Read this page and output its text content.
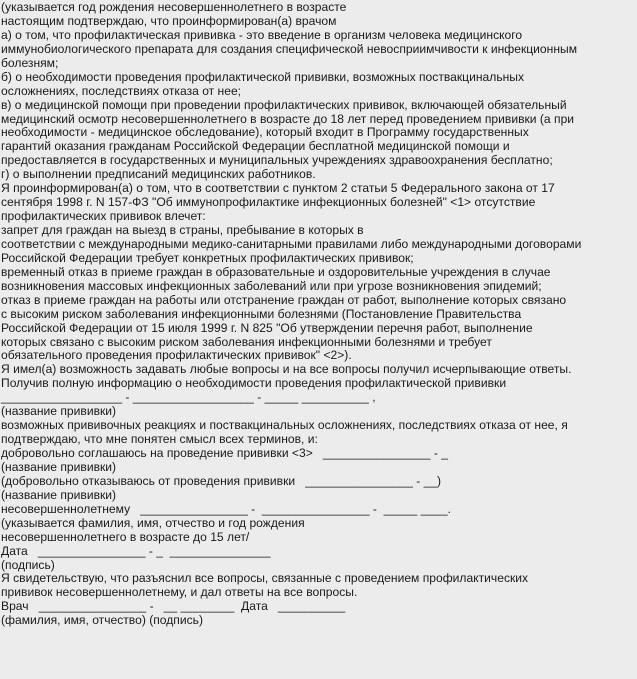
(указывается год рождения несовершеннолетнего в возрасте
настоящим подтверждаю, что проинформирован(а) врачом
а) о том, что профилактическая прививка - это введение в организм человека медицинского
иммунобиологического препарата для создания специфической невосприимчивости к инфекционным
болезням;
б) о необходимости проведения профилактической прививки, возможных поствакцинальных
осложнениях, последствиях отказа от нее;
в) о медицинской помощи при проведении профилактических прививок, включающей обязательный
медицинский осмотр несовершеннолетнего в возрасте до 18 лет перед проведением прививки (а при
необходимости - медицинское обследование), который входит в Программу государственных
гарантий оказания гражданам Российской Федерации бесплатной медицинской помощи и
предоставляется в государственных и муниципальных учреждениях здравоохранения бесплатно;
г) о выполнении предписаний медицинских работников.
Я проинформирован(а) о том, что в соответствии с пунктом 2 статьи 5 Федерального закона от 17
сентября 1998 г. N 157-ФЗ "Об иммунопрофилактике инфекционных болезней" <1> отсутствие
профилактических прививок влечет:
запрет для граждан на выезд в страны, пребывание в которых в
соответствии с международными медико-санитарными правилами либо международными договорами
Российской Федерации требует конкретных профилактических прививок;
временный отказ в приеме граждан в образовательные и оздоровительные учреждения в случае
возникновения массовых инфекционных заболеваний или при угрозе возникновения эпидемий;
отказ в приеме граждан на работы или отстранение граждан от работ, выполнение которых связано
с высоким риском заболевания инфекционными болезнями (Постановление Правительства
Российской Федерации от 15 июля 1999 г. N 825 "Об утверждении перечня работ, выполнение
которых связано с высоким риском заболевания инфекционными болезнями и требует
обязательного проведения профилактических прививок" <2>).
Я имел(а) возможность задавать любые вопросы и на все вопросы получил исчерпывающие ответы.
Получив полную информацию о необходимости проведения профилактической прививки
__________________ - __________________ - _____ __________ ,
(название прививки)
возможных прививочных реакциях и поствакцинальных осложнениях, последствиях отказа от нее, я
подтверждаю, что мне понятен смысл всех терминов, и:
добровольно соглашаюсь на проведение прививки <3>   ________________ - _
(название прививки)
(добровольно отказываюсь от проведения прививки   ________________ - __)
(название прививки)
несовершеннолетнему   ________________ -  ________________ -  _____ ____.
(указывается фамилия, имя, отчество и год рождения
несовершеннолетнего в возрасте до 15 лет/
Дата   ________________ - _  _______________
(подпись)
Я свидетельствую, что разъяснил все вопросы, связанные с проведением профилактических
прививок несовершеннолетнему, и дал ответы на все вопросы.
Врач   ________________ -   __ ________  Дата   __________
(фамилия, имя, отчество) (подпись)
